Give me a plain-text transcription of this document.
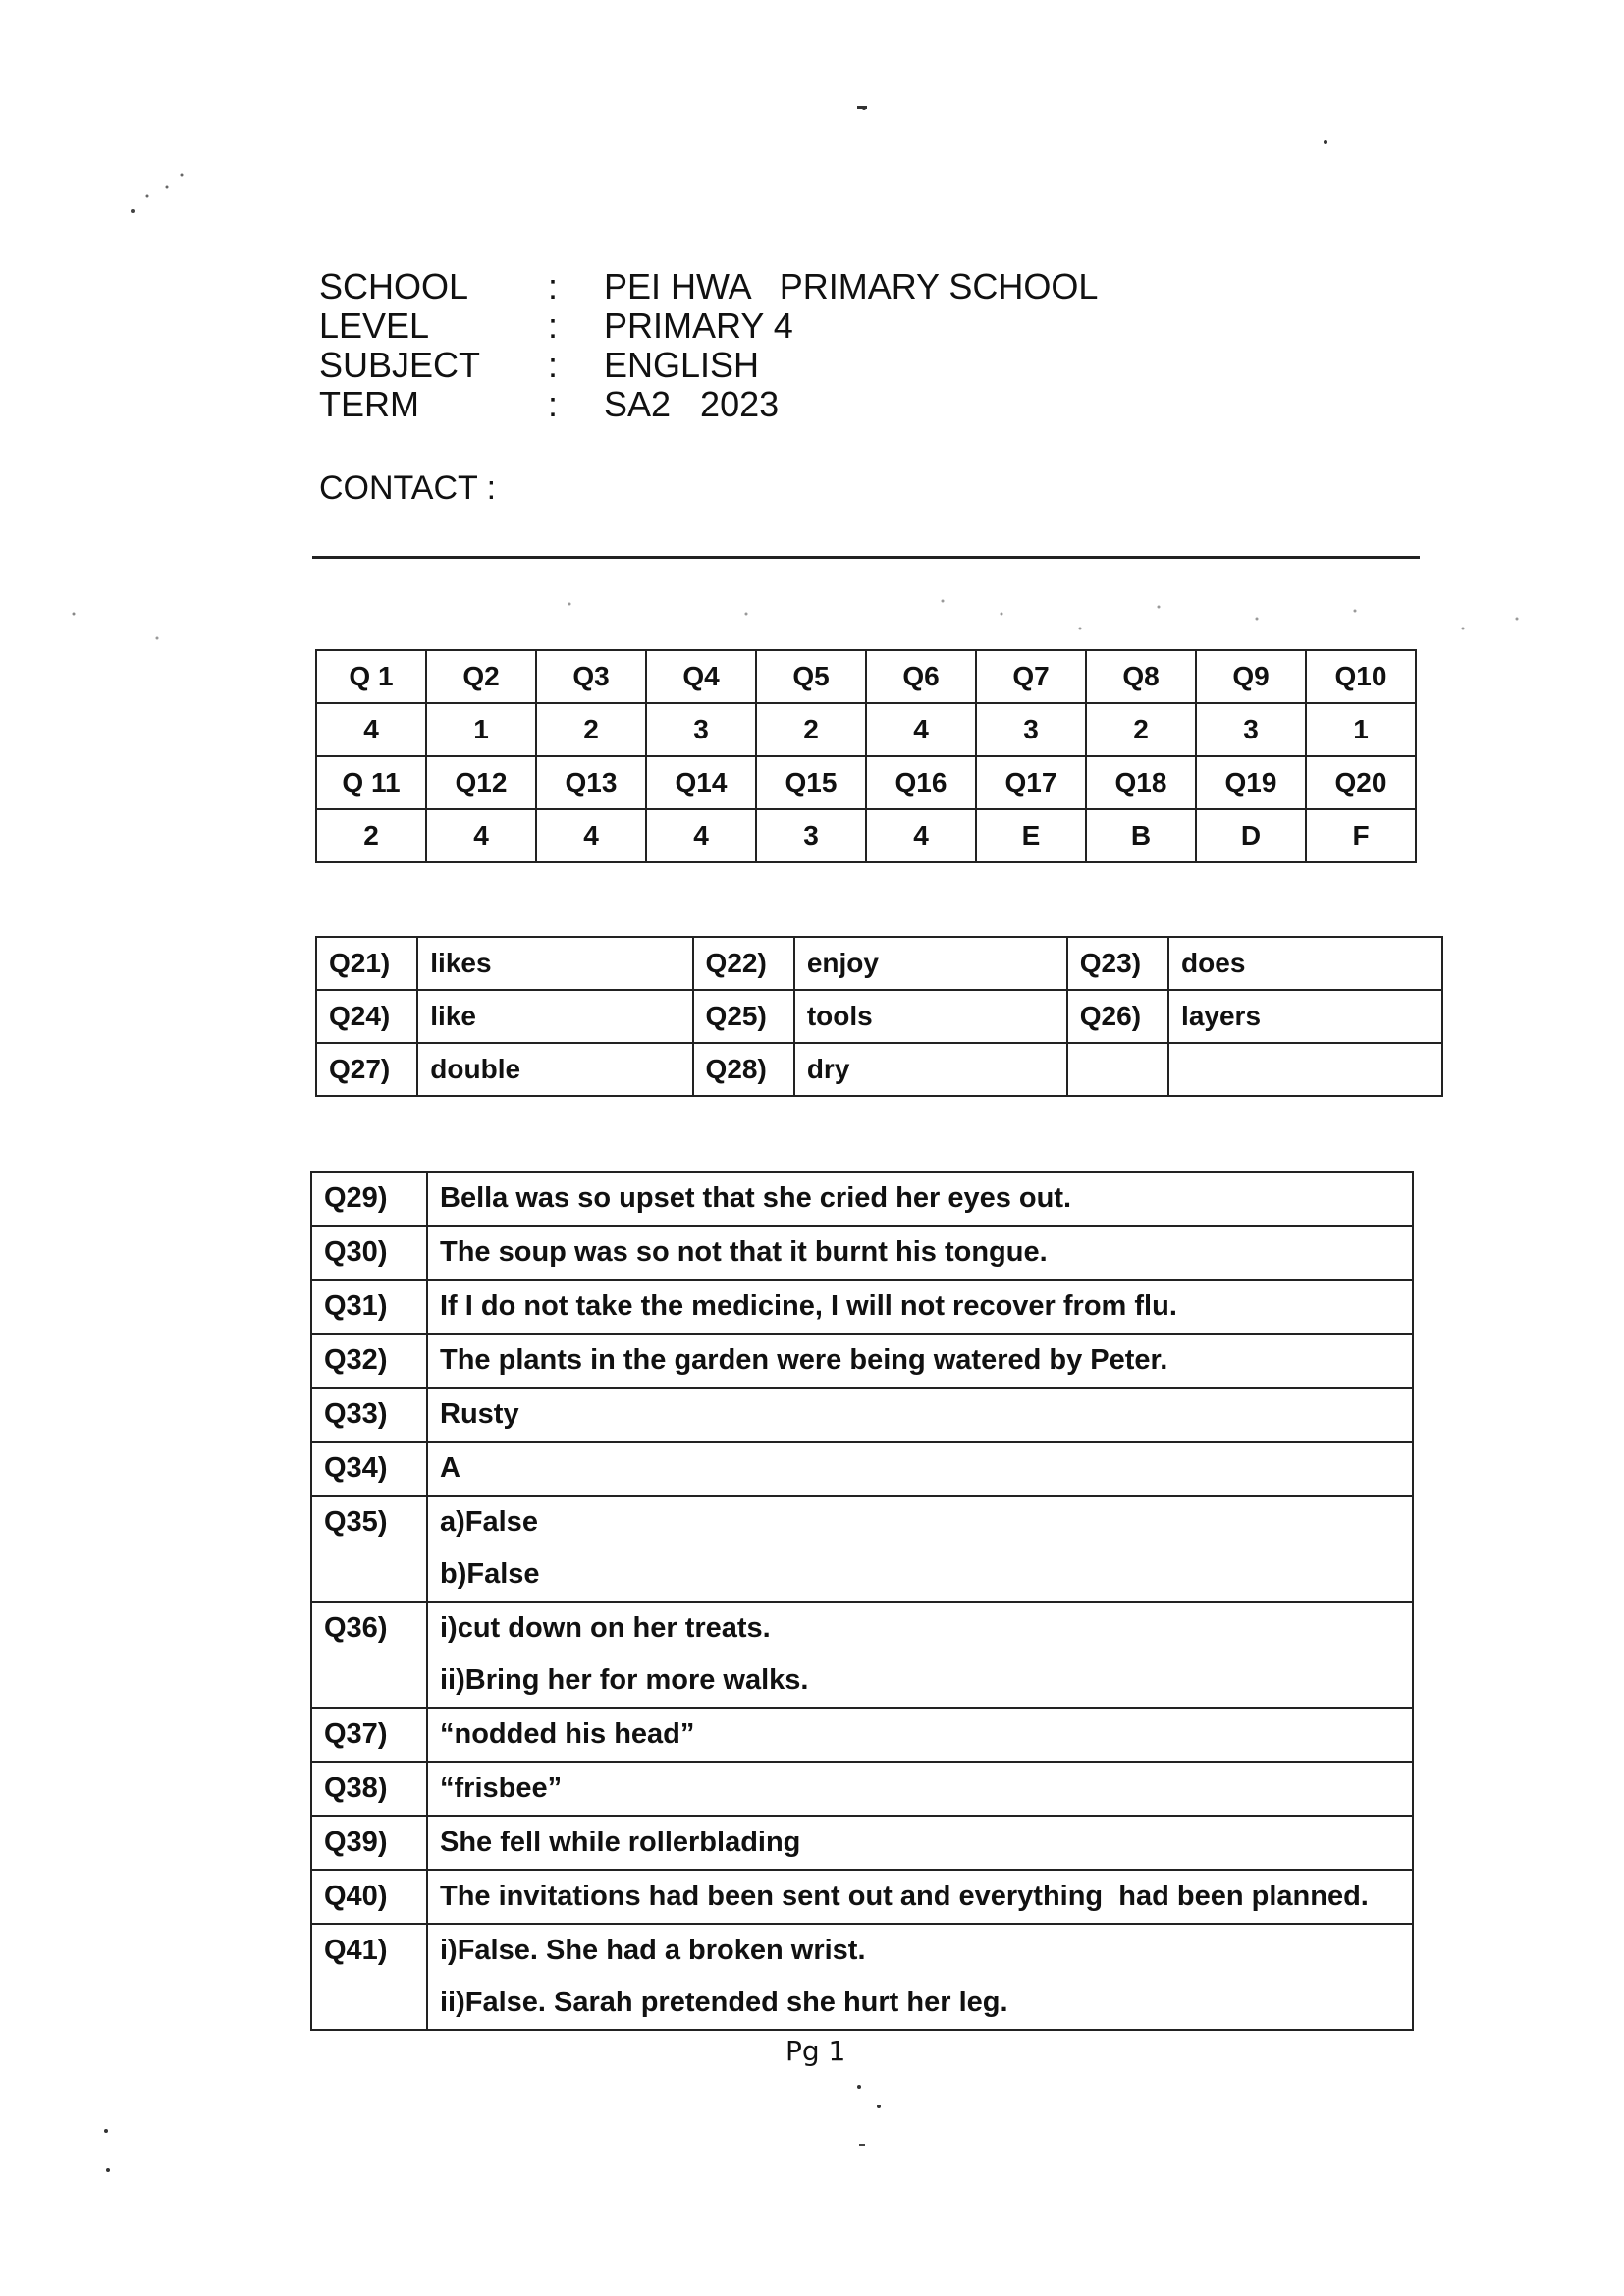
SCHOOL :	PEI HWA   PRIMARY SCHOOL
LEVEL	:	PRIMARY 4
SUBJECT :	ENGLISH
TERM	:	SA2   2023
CONTACT :
Q 1	Q2	Q3	Q4	Q5	Q6	Q7	Q8	Q9	Q10
4	1	2	3	2	4	3	2	3	1
Q 11	Q12	Q13	Q14	Q15	Q16	Q17	Q18	Q19	Q20
2	4	4	4	3	4	E	B	D	F
Q21)	likes	Q22)	enjoy	Q23)	does
Q24)	like	Q25)	tools	Q26)	layers
Q27)	double	Q28)	dry		
Q29)	Bella was so upset that she cried her eyes out.

Q30)	The soup was so not that it burnt his tongue.

Q31)	If I do not take the medicine, I will not recover from flu.

Q32)	The plants in the garden were being watered by Peter.

Q33)	Rusty

Q34)	A

Q35)	a)False
b)False

Q36)	i)cut down on her treats.
ii)Bring her for more walks.

Q37)	“nodded his head”

Q38)	“frisbee”

Q39)	She fell while rollerblading

Q40)	The invitations had been sent out and everything  had been planned.

Q41)	i)False. She had a broken wrist.
ii)False. Sarah pretended she hurt her leg.
Pg 1
